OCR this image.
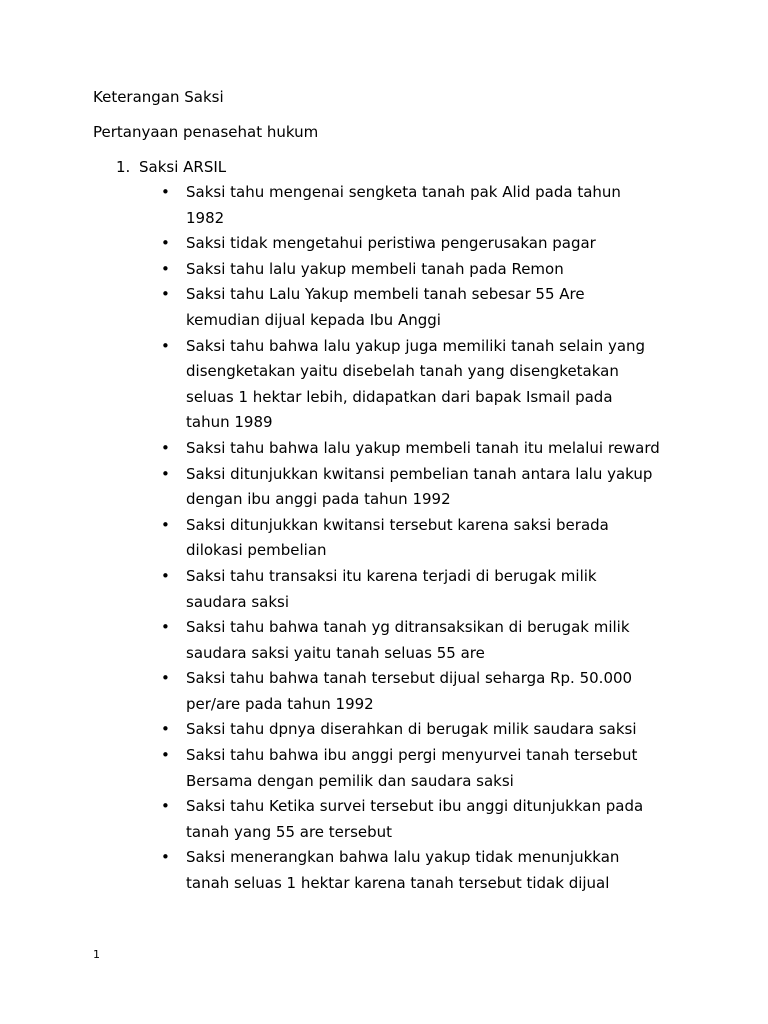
Keterangan Saksi
Pertanyaan penasehat hukum
1. Saksi ARSIL
• Saksi tahu mengenai sengketa tanah pak Alid pada tahun
1982
• Saksi tidak mengetahui peristiwa pengerusakan pagar
• Saksi tahu lalu yakup membeli tanah pada Remon
• Saksi tahu Lalu Yakup membeli tanah sebesar 55 Are
kemudian dijual kepada Ibu Anggi
• Saksi tahu bahwa lalu yakup juga memiliki tanah selain yang
disengketakan yaitu disebelah tanah yang disengketakan
seluas 1 hektar lebih, didapatkan dari bapak Ismail pada
tahun 1989
• Saksi tahu bahwa lalu yakup membeli tanah itu melalui reward
• Saksi ditunjukkan kwitansi pembelian tanah antara lalu yakup
dengan ibu anggi pada tahun 1992
• Saksi ditunjukkan kwitansi tersebut karena saksi berada
dilokasi pembelian
• Saksi tahu transaksi itu karena terjadi di berugak milik
saudara saksi
• Saksi tahu bahwa tanah yg ditransaksikan di berugak milik
saudara saksi yaitu tanah seluas 55 are
• Saksi tahu bahwa tanah tersebut dijual seharga Rp. 50.000
per/are pada tahun 1992
• Saksi tahu dpnya diserahkan di berugak milik saudara saksi
• Saksi tahu bahwa ibu anggi pergi menyurvei tanah tersebut
Bersama dengan pemilik dan saudara saksi
• Saksi tahu Ketika survei tersebut ibu anggi ditunjukkan pada
tanah yang 55 are tersebut
• Saksi menerangkan bahwa lalu yakup tidak menunjukkan
tanah seluas 1 hektar karena tanah tersebut tidak dijual
1
